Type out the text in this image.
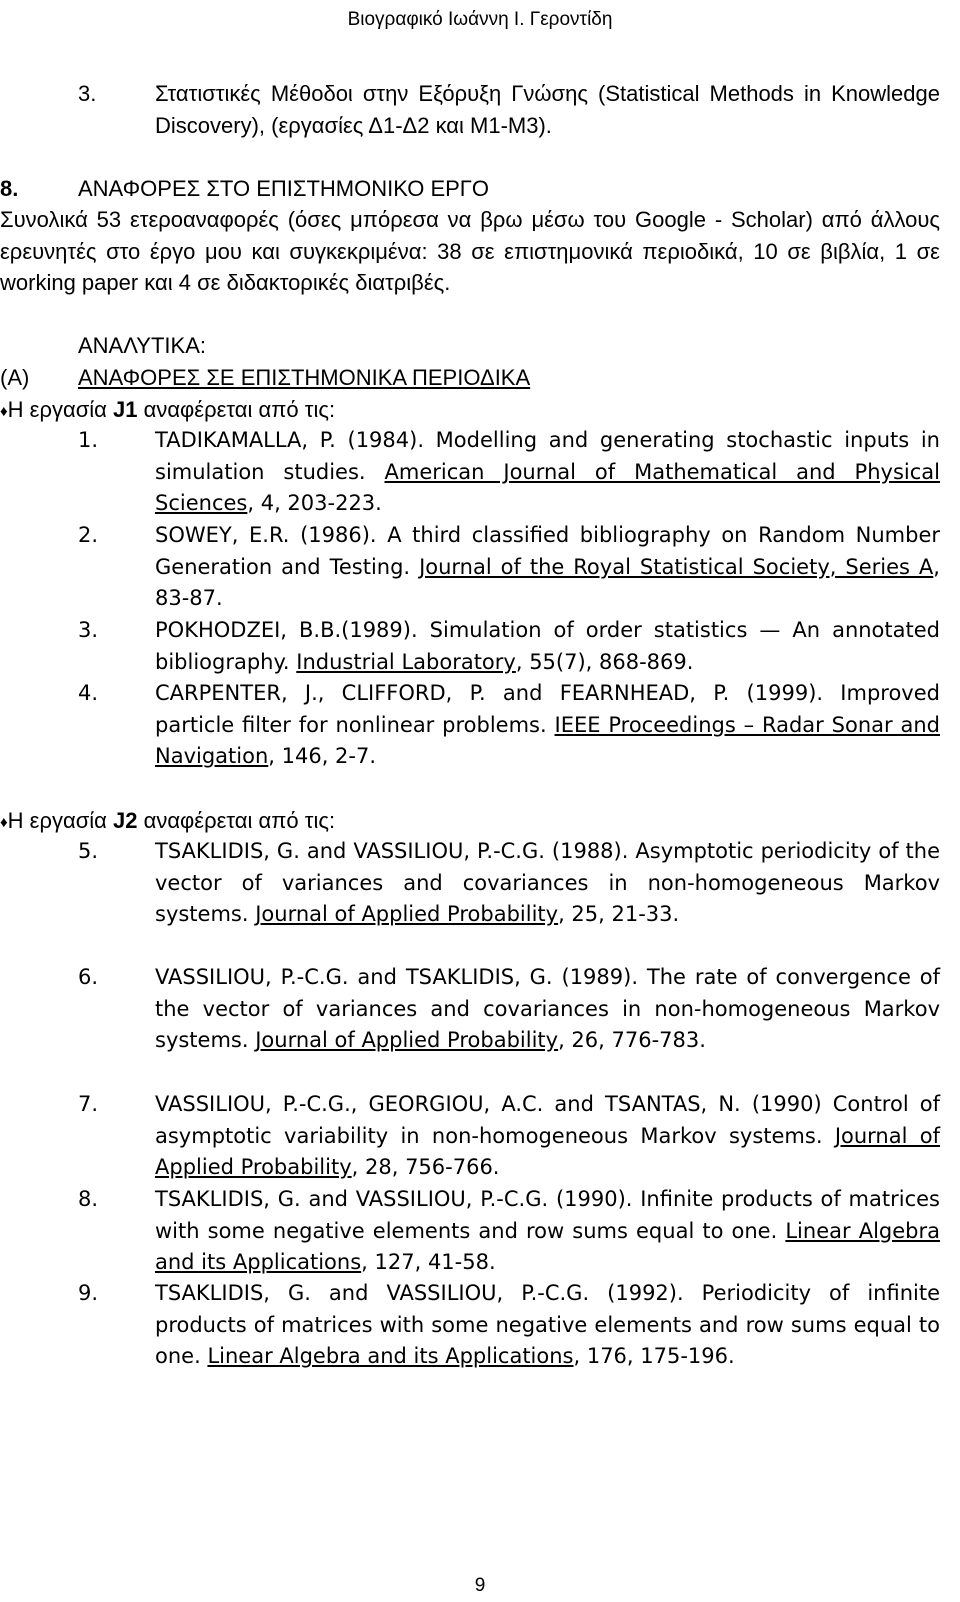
Βιογραφικό Ιωάννη Ι. Γεροντίδη
3.	Στατιστικές Μέθοδοι στην Εξόρυξη Γνώσης (Statistical Methods in Knowledge Discovery), (εργασίες Δ1-Δ2 και Μ1-Μ3).
8.	ΑΝΑΦΟΡΕΣ ΣΤΟ ΕΠΙΣΤΗΜΟΝΙΚΟ ΕΡΓΟ
Συνολικά 53 ετεροαναφορές (όσες μπόρεσα να βρω μέσω του Google - Scholar) από άλλους ερευνητές στο έργο μου και συγκεκριμένα: 38 σε επιστημονικά περιοδικά, 10 σε βιβλία, 1 σε working paper και 4 σε διδακτορικές διατριβές.
ΑΝΑΛΥΤΙΚΑ:
(Α) ΑΝΑΦΟΡΕΣ ΣΕ ΕΠΙΣΤΗΜΟΝΙΚΑ ΠΕΡΙΟΔΙΚΑ
♦Η εργασία J1 αναφέρεται από τις:
1.	TADIKAMALLA, P. (1984). Modelling and generating stochastic inputs in simulation studies. American Journal of Mathematical and Physical Sciences, 4, 203-223.
2.	SOWEY, E.R. (1986). A third classified bibliography on Random Number Generation and Testing. Journal of the Royal Statistical Society, Series A, 83-87.
3.	POKHODZEI, B.B.(1989). Simulation of order statistics — An annotated bibliography. Industrial Laboratory, 55(7), 868-869.
4.	CARPENTER, J., CLIFFORD, P. and FEARNHEAD, P. (1999). Improved particle filter for nonlinear problems. IEEE Proceedings – Radar Sonar and Navigation, 146, 2-7.
♦Η εργασία J2 αναφέρεται από τις:
5.	TSAKLIDIS, G. and VASSILIOU, P.-C.G. (1988). Asymptotic periodicity of the vector of variances and covariances in non-homogeneous Markov systems. Journal of Applied Probability, 25, 21-33.
6.	VASSILIOU, P.-C.G. and TSAKLIDIS, G. (1989). The rate of convergence of the vector of variances and covariances in non-homogeneous Markov systems. Journal of Applied Probability, 26, 776-783.
7.	VASSILIOU, P.-C.G., GEORGIOU, A.C. and TSANTAS, N. (1990) Control of asymptotic variability in non-homogeneous Markov systems. Journal of Applied Probability, 28, 756-766.
8.	TSAKLIDIS, G. and VASSILIOU, P.-C.G. (1990). Infinite products of matrices with some negative elements and row sums equal to one. Linear Algebra and its Applications, 127, 41-58.
9.	TSAKLIDIS, G. and VASSILIOU, P.-C.G. (1992). Periodicity of infinite products of matrices with some negative elements and row sums equal to one. Linear Algebra and its Applications, 176, 175-196.
9
